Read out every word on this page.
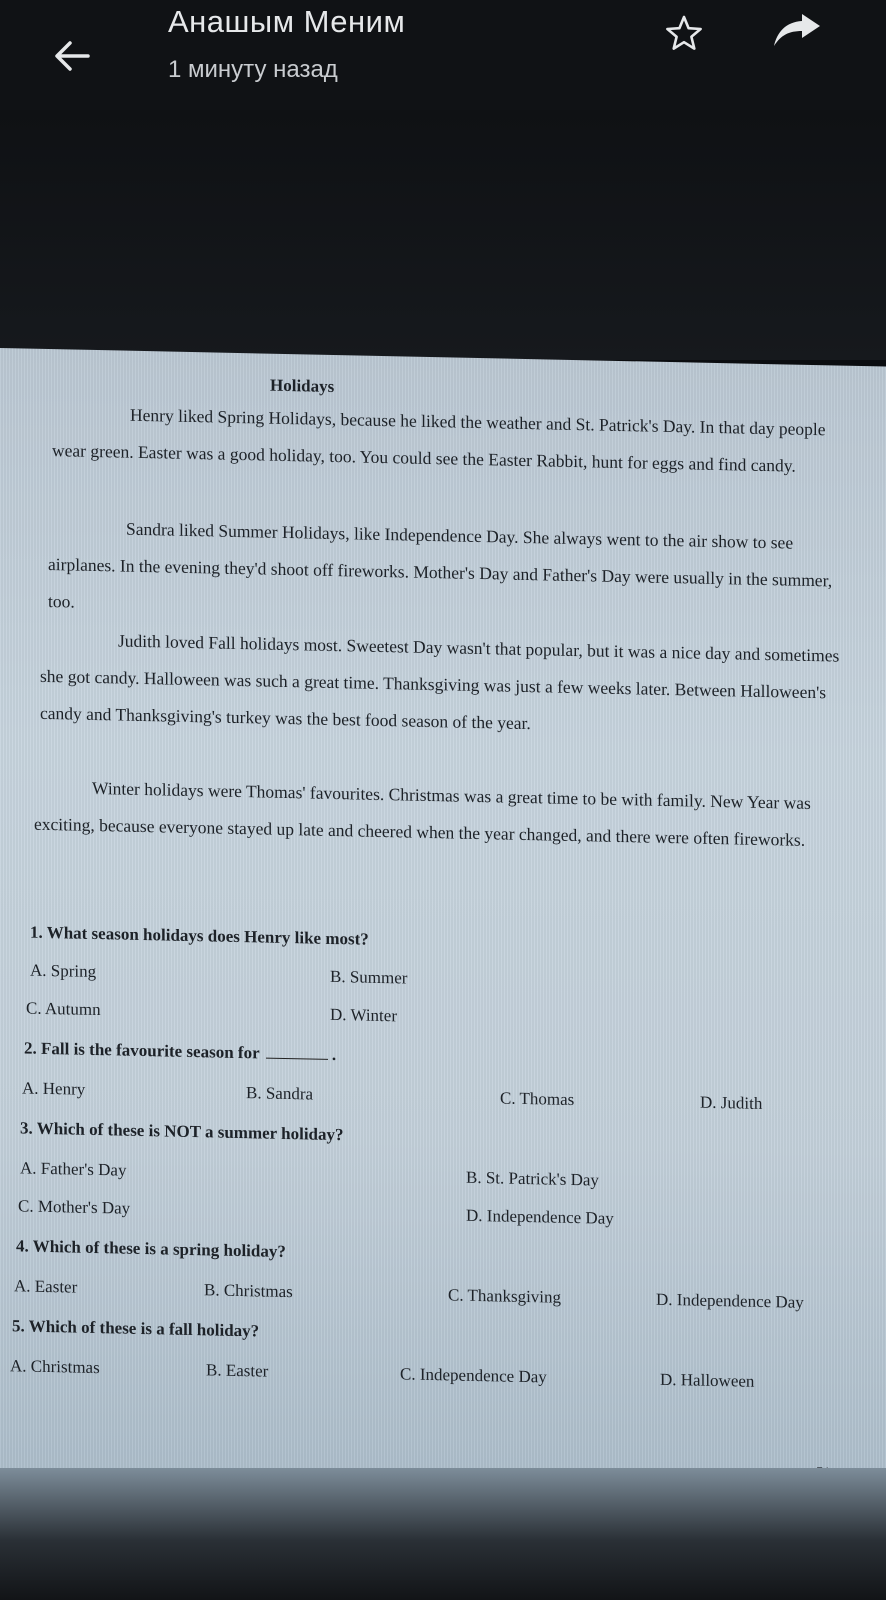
Анашым Меним
1 минуту назад
Holidays
Henry liked Spring Holidays, because he liked the weather and St. Patrick's Day. In that day people wear green. Easter was a good holiday, too. You could see the Easter Rabbit, hunt for eggs and find candy.
Sandra liked Summer Holidays, like Independence Day. She always went to the air show to see airplanes. In the evening they'd shoot off fireworks. Mother's Day and Father's Day were usually in the summer, too.
Judith loved Fall holidays most. Sweetest Day wasn't that popular, but it was a nice day and sometimes she got candy. Halloween was such a great time. Thanksgiving was just a few weeks later. Between Halloween's candy and Thanksgiving's turkey was the best food season of the year.
Winter holidays were Thomas' favourites. Christmas was a great time to be with family. New Year was exciting, because everyone stayed up late and cheered when the year changed, and there were often fireworks.
1. What season holidays does Henry like most?
A. Spring	B. Summer
C. Autumn	D. Winter
2. Fall is the favourite season for	.
A. Henry	B. Sandra	C. Thomas	D. Judith
3. Which of these is NOT a summer holiday?
A. Father's Day	B. St. Patrick's Day
C. Mother's Day	D. Independence Day
4. Which of these is a spring holiday?
A. Easter	B. Christmas	C. Thanksgiving	D. Independence Day
5. Which of these is a fall holiday?
A. Christmas	B. Easter	C. Independence Day	D. Halloween
